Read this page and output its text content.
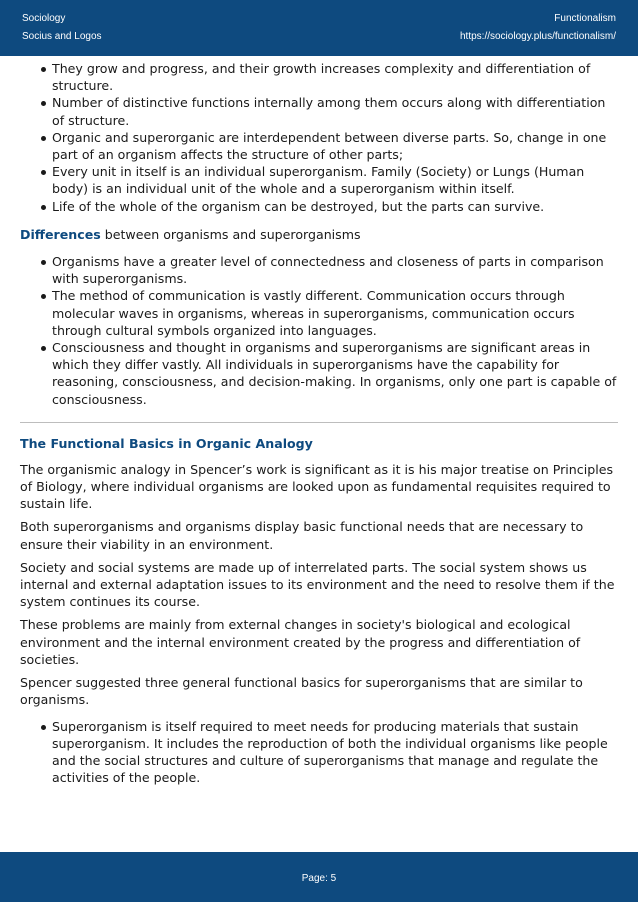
Sociology
Socius and Logos
Functionalism
https://sociology.plus/functionalism/
They grow and progress, and their growth increases complexity and differentiation of structure.
Number of distinctive functions internally among them occurs along with differentiation of structure.
Organic and superorganic are interdependent between diverse parts. So, change in one part of an organism affects the structure of other parts;
Every unit in itself is an individual superorganism. Family (Society) or Lungs (Human body) is an individual unit of the whole and a superorganism within itself.
Life of the whole of the organism can be destroyed, but the parts can survive.
Differences between organisms and superorganisms
Organisms have a greater level of connectedness and closeness of parts in comparison with superorganisms.
The method of communication is vastly different. Communication occurs through molecular waves in organisms, whereas in superorganisms, communication occurs through cultural symbols organized into languages.
Consciousness and thought in organisms and superorganisms are significant areas in which they differ vastly. All individuals in superorganisms have the capability for reasoning, consciousness, and decision-making. In organisms, only one part is capable of consciousness.
The Functional Basics in Organic Analogy

The organismic analogy in Spencer’s work is significant as it is his major treatise on Principles of Biology, where individual organisms are looked upon as fundamental requisites required to sustain life.

Both superorganisms and organisms display basic functional needs that are necessary to ensure their viability in an environment.

Society and social systems are made up of interrelated parts. The social system shows us internal and external adaptation issues to its environment and the need to resolve them if the system continues its course.

These problems are mainly from external changes in society's biological and ecological environment and the internal environment created by the progress and differentiation of societies.

Spencer suggested three general functional basics for superorganisms that are similar to organisms.

Superorganism is itself required to meet needs for producing materials that sustain superorganism. It includes the reproduction of both the individual organisms like people and the social structures and culture of superorganisms that manage and regulate the activities of the people.
Page: 5
